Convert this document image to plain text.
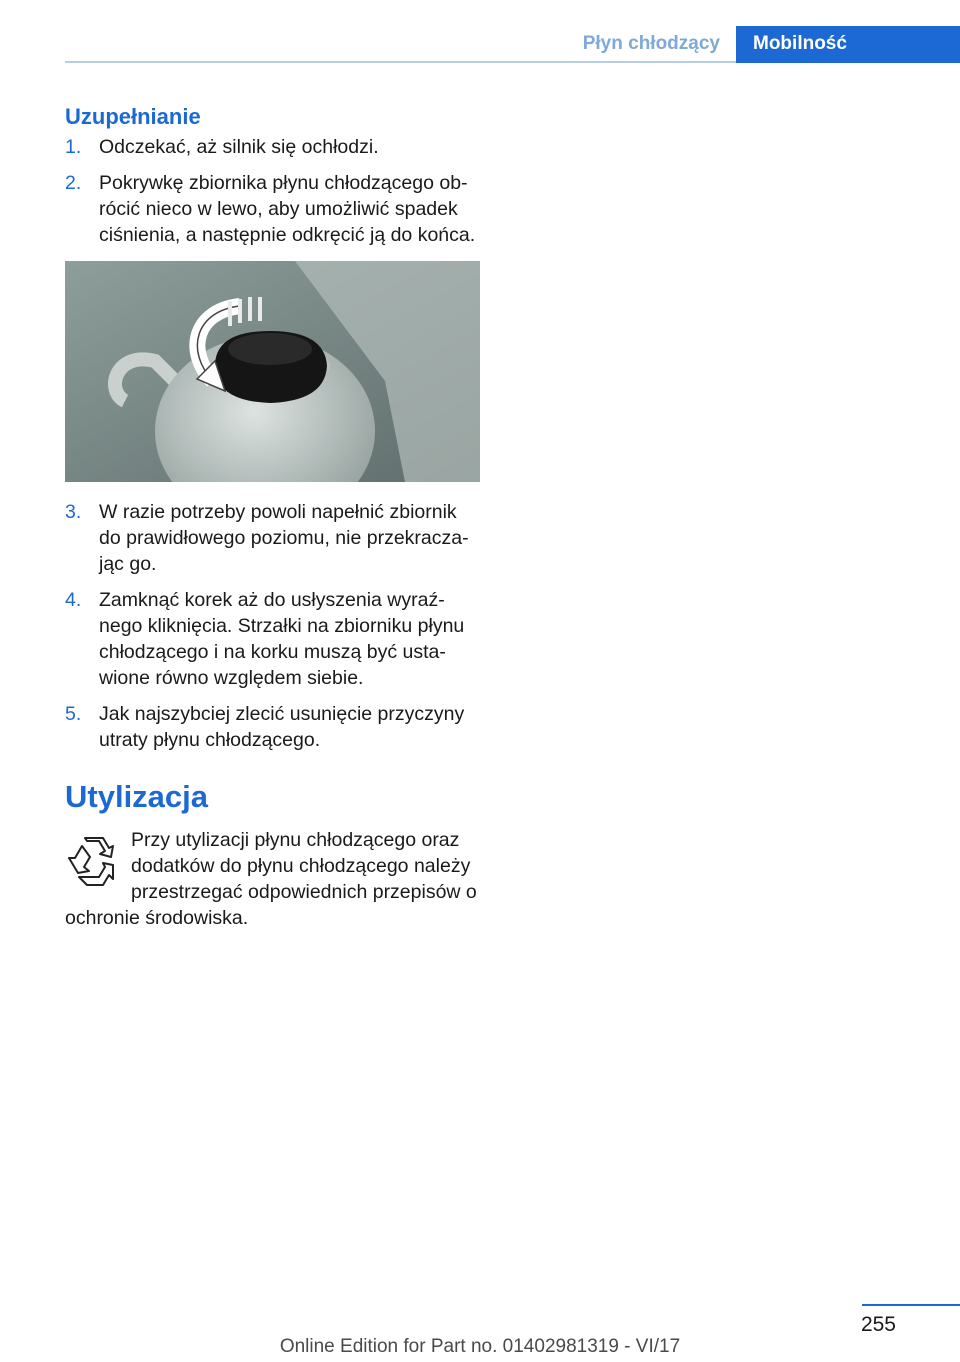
Płyn chłodzący	Mobilność
Uzupełnianie
1. Odczekać, aż silnik się ochłodzi.
2. Pokrywkę zbiornika płynu chłodzącego ob‐rócić nieco w lewo, aby umożliwić spadek ciśnienia, a następnie odkręcić ją do końca.
3. W razie potrzeby powoli napełnić zbiornik do prawidłowego poziomu, nie przekracza‐jąc go.
4. Zamknąć korek aż do usłyszenia wyraź‐nego kliknięcia. Strzałki na zbiorniku płynu chłodzącego i na korku muszą być usta‐wione równo względem siebie.
5. Jak najszybciej zlecić usunięcie przyczyny utraty płynu chłodzącego.
Utylizacja
Przy utylizacji płynu chłodzącego oraz dodatków do płynu chłodzącego należy przestrzegać odpowiednich przepisów o ochronie środowiska.
255
Online Edition for Part no. 01402981319 - VI/17
